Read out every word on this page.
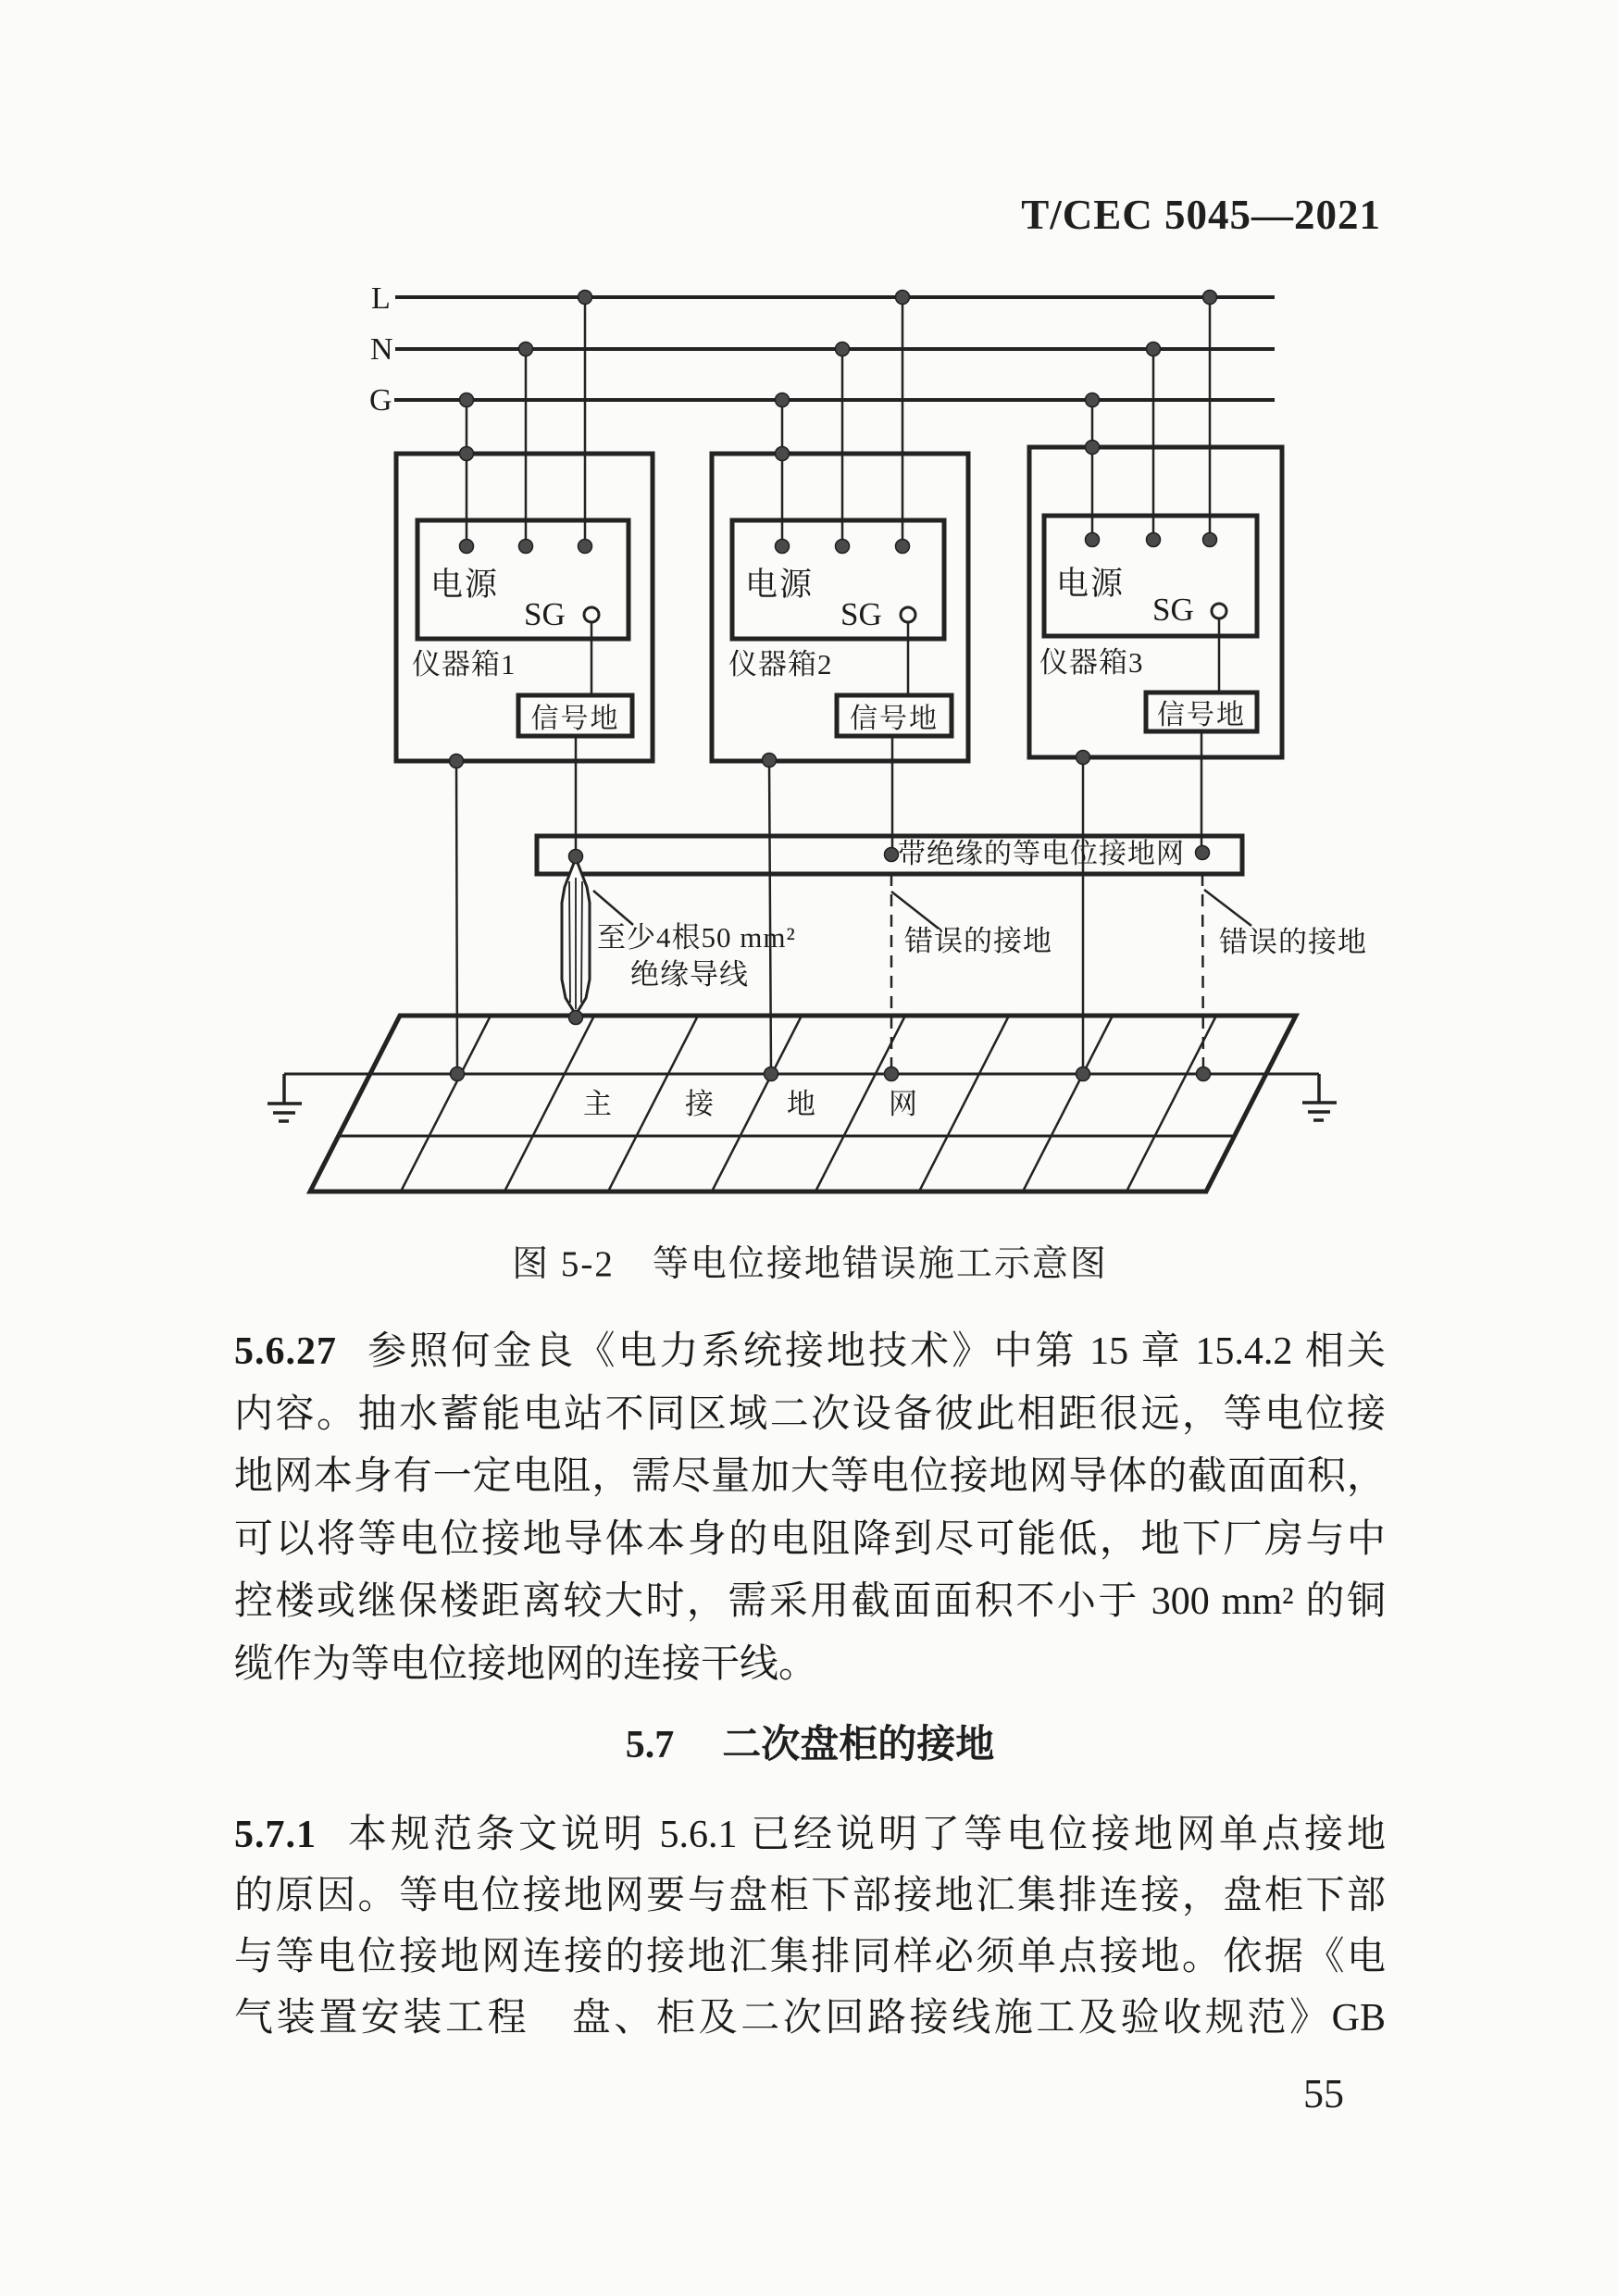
T/CEC 5045—2021
L
N
G
电源
SG
仪器箱1
信号地
电源
SG
仪器箱2
信号地
电源
SG
仪器箱3
信号地
带绝缘的等电位接地网
至少4根50 mm²
绝缘导线
错误的接地	错误的接地
主	接	地	网
图 5-2　等电位接地错误施工示意图
5.6.27 参照何金良《电力系统接地技术》中第 15 章 15.4.2 相关
内容。抽水蓄能电站不同区域二次设备彼此相距很远，等电位接
地网本身有一定电阻，需尽量加大等电位接地网导体的截面面积，
可以将等电位接地导体本身的电阻降到尽可能低，地下厂房与中
控楼或继保楼距离较大时，需采用截面面积不小于 300 mm² 的铜
缆作为等电位接地网的连接干线。
5.7 二次盘柜的接地
5.7.1 本规范条文说明 5.6.1 已经说明了等电位接地网单点接地
的原因。等电位接地网要与盘柜下部接地汇集排连接，盘柜下部
与等电位接地网连接的接地汇集排同样必须单点接地。依据《电
气装置安装工程　盘、柜及二次回路接线施工及验收规范》GB
55
